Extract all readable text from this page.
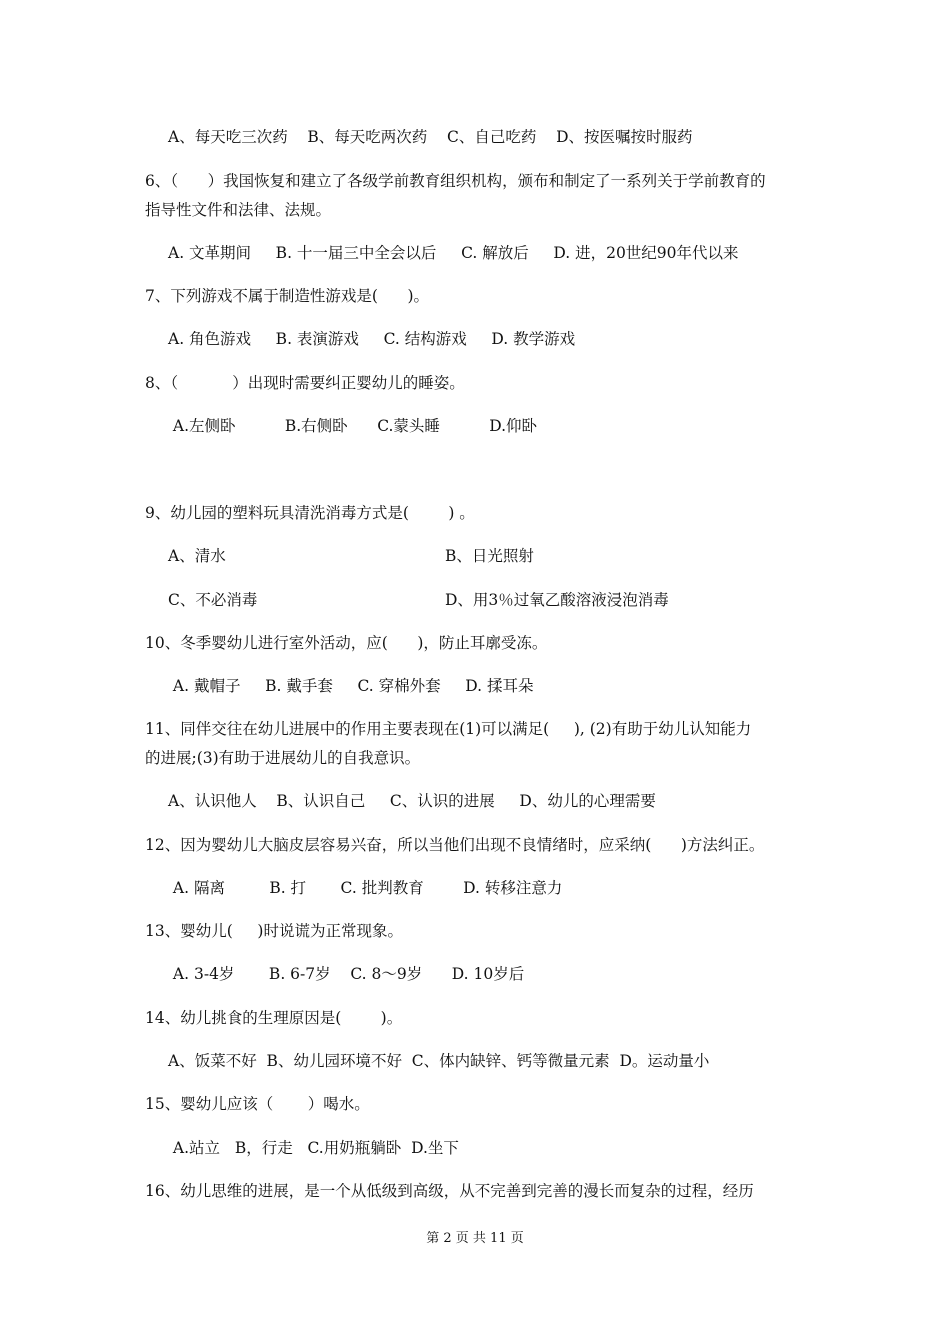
A、每天吃三次药    B、每天吃两次药    C、自己吃药    D、按医嘱按时服药
6、（      ）我国恢复和建立了各级学前教育组织机构，颁布和制定了一系列关于学前教育的
指导性文件和法律、法规。
A. 文革期间     B. 十一届三中全会以后     C. 解放后     D. 进，20世纪90年代以来
7、下列游戏不属于制造性游戏是(      )。
A. 角色游戏     B. 表演游戏     C. 结构游戏     D. 教学游戏
8、（           ）出现时需要纠正婴幼儿的睡姿。
A.左侧卧          B.右侧卧      C.蒙头睡          D.仰卧
9、幼儿园的塑料玩具清洗消毒方式是(        ) 。
A、清水	B、日光照射
C、不必消毒	D、用3％过氧乙酸溶液浸泡消毒
10、冬季婴幼儿进行室外活动，应(      )，防止耳廓受冻。
A. 戴帽子     B. 戴手套     C. 穿棉外套     D. 揉耳朵
11、同伴交往在幼儿进展中的作用主要表现在(1)可以满足(     ), (2)有助于幼儿认知能力
的进展;(3)有助于进展幼儿的自我意识。
A、认识他人    B、认识自己     C、认识的进展     D、幼儿的心理需要
12、因为婴幼儿大脑皮层容易兴奋，所以当他们出现不良情绪时，应采纳(      )方法纠正。
A. 隔离         B. 打       C. 批判教育        D. 转移注意力
13、婴幼儿(     )时说谎为正常现象。
A. 3-4岁       B. 6-7岁    C. 8～9岁      D. 10岁后
14、幼儿挑食的生理原因是(        )。
A、饭菜不好  B、幼儿园环境不好  C、体内缺锌、钙等微量元素  D。运动量小
15、婴幼儿应该（       ）喝水。
A.站立   B，行走   C.用奶瓶躺卧  D.坐下
16、幼儿思维的进展，是一个从低级到高级，从不完善到完善的漫长而复杂的过程，经历
第 2 页 共 11 页
